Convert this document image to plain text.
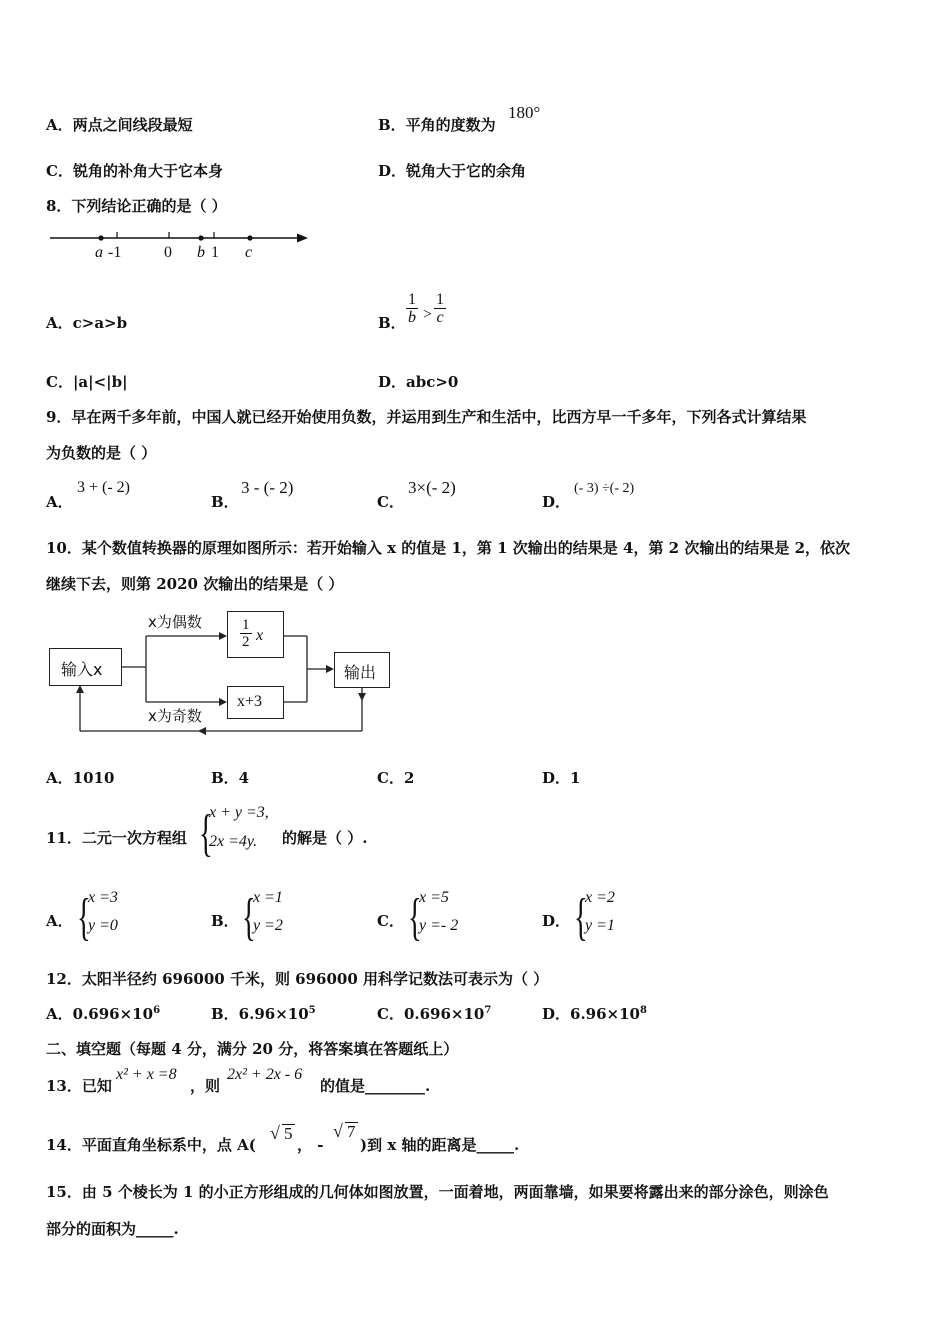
A．两点之间线段最短	B．平角的度数为
180°
C．锐角的补角大于它本身	D．锐角大于它的余角
8．下列结论正确的是（ ）
a -1	0 b 1 c
A．c>a>b	B． $\frac{1}{b} > \frac{1}{c}$
C．|a|<|b|	D．abc>0
9．早在两千多年前，中国人就已经开始使用负数，并运用到生产和生活中，比西方早一千多年，下列各式计算结果
为负数的是（ ）
A．
3 + (- 2)
B．
3 - (- 2)
C．
3×(- 2)
D．
(- 3) ÷(- 2)
10．某个数值转换器的原理如图所示：若开始输入 x 的值是 1，第 1 次输出的结果是 4，第 2 次输出的结果是 2，依次
继续下去，则第 2020 次输出的结果是（ ）
输入x
x为偶数
x为奇数
$\frac{1}{2}$ x
x+3
输出
A．1010	B．4	C．2	D．1
11．二元一次方程组 {
x + y =3,
2x =4y. 的解是（ ）.
A． {
x =3
y =0	B． {
x =1
y =2	C． {
x =5
y =- 2	D． {
x =2
y =1
12．太阳半径约 696000 千米，则 696000 用科学记数法可表示为（ ）
A．$0.696\times 10^6$	B．$6.96\times 10^5$	C．$0.696\times 10^7$	D．$6.96\times 10^8$
二、填空题（每题 4 分，满分 20 分，将答案填在答题纸上）
13．已知
x² + x =8
，则
2x² + 2x - 6
的值是________.
14．平面直角坐标系中，点 A(
√ 5
， -
√ 7
)到 x 轴的距离是_____.
15．由 5 个棱长为 1 的小正方形组成的几何体如图放置，一面着地，两面靠墙，如果要将露出来的部分涂色，则涂色
部分的面积为_____.
